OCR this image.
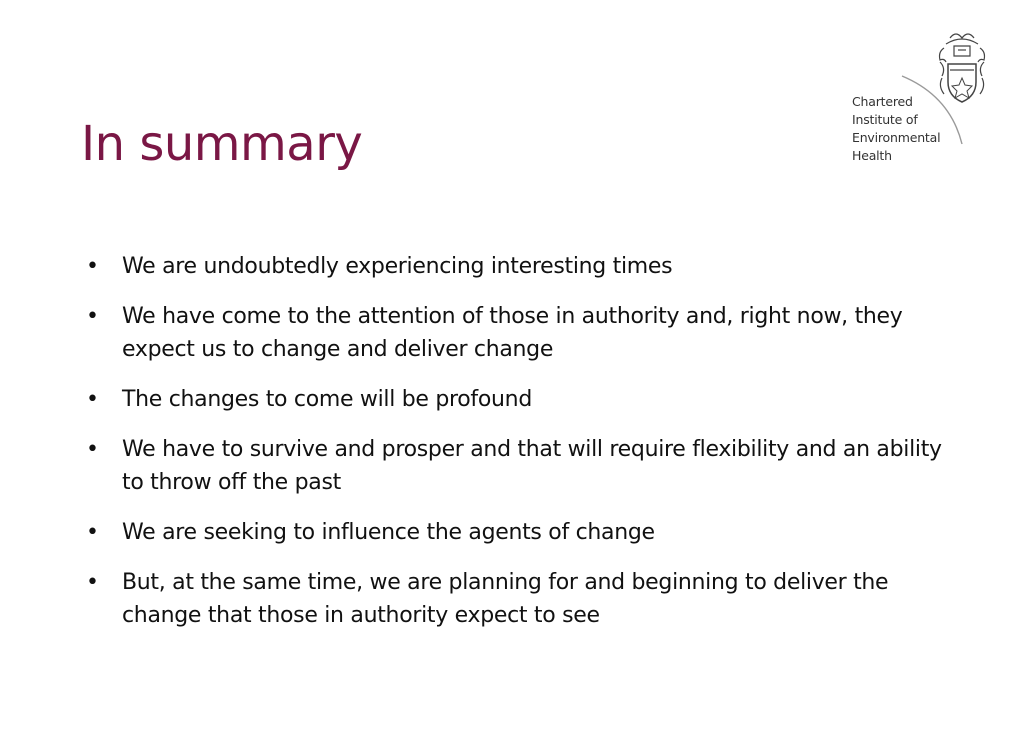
In summary
Chartered
Institute of
Environmental
Health
•	We are undoubtedly experiencing interesting times
•	We have come to the attention of those in authority and, right now, they expect us to change and deliver change
•	The changes to come will be profound
•	We have to survive and prosper and that will require flexibility and an ability to throw off the past
•	We are seeking to influence the agents of change
•	But, at the same time, we are planning for and beginning to deliver the change that those in authority expect to see
